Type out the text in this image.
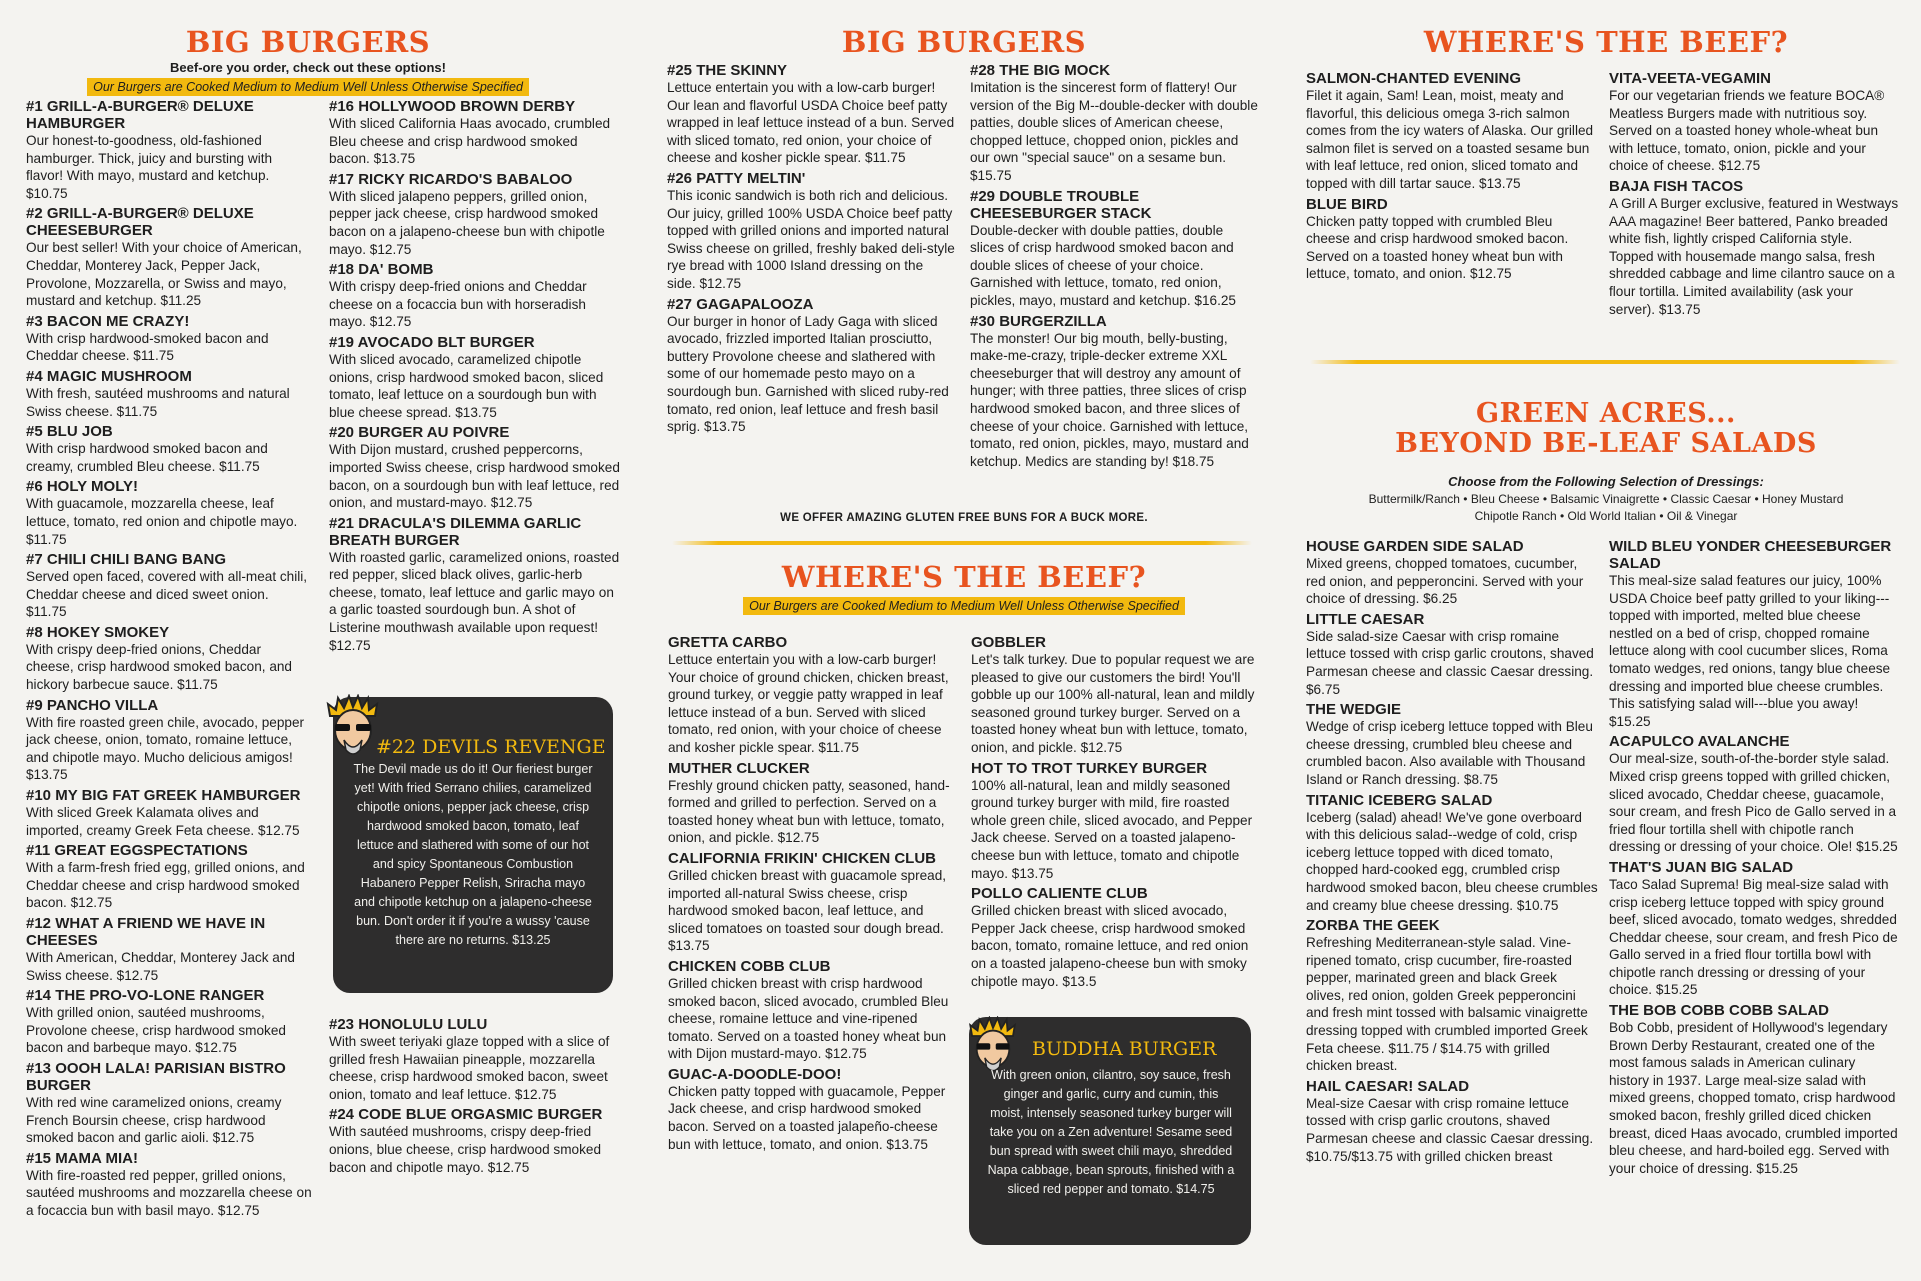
BIG BURGERS
Beef-ore you order, check out these options!
Our Burgers are Cooked Medium to Medium Well Unless Otherwise Specified
#1 GRILL-A-BURGER® DELUXE HAMBURGER
Our honest-to-goodness, old-fashioned hamburger. Thick, juicy and bursting with flavor! With mayo, mustard and ketchup. $10.75
#2 GRILL-A-BURGER® DELUXE CHEESEBURGER
Our best seller! With your choice of American, Cheddar, Monterey Jack, Pepper Jack, Provolone, Mozzarella, or Swiss and mayo, mustard and ketchup. $11.25
#3 BACON ME CRAZY!
With crisp hardwood-smoked bacon and Cheddar cheese. $11.75
#4 MAGIC MUSHROOM
With fresh, sautéed mushrooms and natural Swiss cheese. $11.75
#5 BLU JOB
With crisp hardwood smoked bacon and creamy, crumbled Bleu cheese. $11.75
#6 HOLY MOLY!
With guacamole, mozzarella cheese, leaf lettuce, tomato, red onion and chipotle mayo. $11.75
#7 CHILI CHILI BANG BANG
Served open faced, covered with all-meat chili, Cheddar cheese and diced sweet onion. $11.75
#8 HOKEY SMOKEY
With crispy deep-fried onions, Cheddar cheese, crisp hardwood smoked bacon, and hickory barbecue sauce. $11.75
#9 PANCHO VILLA
With fire roasted green chile, avocado, pepper jack cheese, onion, tomato, romaine lettuce, and chipotle mayo. Mucho delicious amigos! $13.75
#10 MY BIG FAT GREEK HAMBURGER
With sliced Greek Kalamata olives and imported, creamy Greek Feta cheese. $12.75
#11 GREAT EGGSPECTATIONS
With a farm-fresh fried egg, grilled onions, and Cheddar cheese and crisp hardwood smoked bacon. $12.75
#12 WHAT A FRIEND WE HAVE IN CHEESES
With American, Cheddar, Monterey Jack and Swiss cheese. $12.75
#14 THE PRO-VO-LONE RANGER
With grilled onion, sautéed mushrooms, Provolone cheese, crisp hardwood smoked bacon and barbeque mayo. $12.75
#13 OOOH LALA! PARISIAN BISTRO BURGER
With red wine caramelized onions, creamy French Boursin cheese, crisp hardwood smoked bacon and garlic aioli. $12.75
#15 MAMA MIA!
With fire-roasted red pepper, grilled onions, sautéed mushrooms and mozzarella cheese on a focaccia bun with basil mayo. $12.75
#16 HOLLYWOOD BROWN DERBY
With sliced California Haas avocado, crumbled Bleu cheese and crisp hardwood smoked bacon. $13.75
#17 RICKY RICARDO'S BABALOO
With sliced jalapeno peppers, grilled onion, pepper jack cheese, crisp hardwood smoked bacon on a jalapeno-cheese bun with chipotle mayo. $12.75
#18 DA' BOMB
With crispy deep-fried onions and Cheddar cheese on a focaccia bun with horseradish mayo. $12.75
#19 AVOCADO BLT BURGER
With sliced avocado, caramelized chipotle onions, crisp hardwood smoked bacon, sliced tomato, leaf lettuce on a sourdough bun with blue cheese spread. $13.75
#20 BURGER AU POIVRE
With Dijon mustard, crushed peppercorns, imported Swiss cheese, crisp hardwood smoked bacon, on a sourdough bun with leaf lettuce, red onion, and mustard-mayo. $12.75
#21 DRACULA'S DILEMMA GARLIC BREATH BURGER
With roasted garlic, caramelized onions, roasted red pepper, sliced black olives, garlic-herb cheese, tomato, leaf lettuce and garlic mayo on a garlic toasted sourdough bun. A shot of Listerine mouthwash available upon request! $12.75
#22 DEVILS REVENGE
The Devil made us do it! Our fieriest burger yet! With fried Serrano chilies, caramelized chipotle onions, pepper jack cheese, crisp hardwood smoked bacon, tomato, leaf lettuce and slathered with some of our hot and spicy Spontaneous Combustion Habanero Pepper Relish, Sriracha mayo and chipotle ketchup on a jalapeno-cheese bun. Don't order it if you're a wussy 'cause there are no returns. $13.25
#23 HONOLULU LULU
With sweet teriyaki glaze topped with a slice of grilled fresh Hawaiian pineapple, mozzarella cheese, crisp hardwood smoked bacon, sweet onion, tomato and leaf lettuce. $12.75
#24 CODE BLUE ORGASMIC BURGER
With sautéed mushrooms, crispy deep-fried onions, blue cheese, crisp hardwood smoked bacon and chipotle mayo. $12.75
BIG BURGERS
#25 THE SKINNY
Lettuce entertain you with a low-carb burger! Our lean and flavorful USDA Choice beef patty wrapped in leaf lettuce instead of a bun. Served with sliced tomato, red onion, your choice of cheese and kosher pickle spear. $11.75
#26 PATTY MELTIN'
This iconic sandwich is both rich and delicious. Our juicy, grilled 100% USDA Choice beef patty topped with grilled onions and imported natural Swiss cheese on grilled, freshly baked deli-style rye bread with 1000 Island dressing on the side. $12.75
#27 GAGAPALOOZA
Our burger in honor of Lady Gaga with sliced avocado, frizzled imported Italian prosciutto, buttery Provolone cheese and slathered with some of our homemade pesto mayo on a sourdough bun. Garnished with sliced ruby-red tomato, red onion, leaf lettuce and fresh basil sprig. $13.75
#28 THE BIG MOCK
Imitation is the sincerest form of flattery! Our version of the Big M--double-decker with double patties, double slices of American cheese, chopped lettuce, chopped onion, pickles and our own "special sauce" on a sesame bun. $15.75
#29 DOUBLE TROUBLE CHEESEBURGER STACK
Double-decker with double patties, double slices of crisp hardwood smoked bacon and double slices of cheese of your choice. Garnished with lettuce, tomato, red onion, pickles, mayo, mustard and ketchup. $16.25
#30 BURGERZILLA
The monster! Our big mouth, belly-busting, make-me-crazy, triple-decker extreme XXL cheeseburger that will destroy any amount of hunger; with three patties, three slices of crisp hardwood smoked bacon, and three slices of cheese of your choice. Garnished with lettuce, tomato, red onion, pickles, mayo, mustard and ketchup. Medics are standing by! $18.75
WE OFFER AMAZING GLUTEN FREE BUNS FOR A BUCK MORE.
WHERE'S THE BEEF?
Our Burgers are Cooked Medium to Medium Well Unless Otherwise Specified
GRETTA CARBO
Lettuce entertain you with a low-carb burger! Your choice of ground chicken, chicken breast, ground turkey, or veggie patty wrapped in leaf lettuce instead of a bun. Served with sliced tomato, red onion, with your choice of cheese and kosher pickle spear. $11.75
MUTHER CLUCKER
Freshly ground chicken patty, seasoned, hand-formed and grilled to perfection. Served on a toasted honey wheat bun with lettuce, tomato, onion, and pickle. $12.75
CALIFORNIA FRIKIN' CHICKEN CLUB
Grilled chicken breast with guacamole spread, imported all-natural Swiss cheese, crisp hardwood smoked bacon, leaf lettuce, and sliced tomatoes on toasted sour dough bread. $13.75
CHICKEN COBB CLUB
Grilled chicken breast with crisp hardwood smoked bacon, sliced avocado, crumbled Bleu cheese, romaine lettuce and vine-ripened tomato. Served on a toasted honey wheat bun with Dijon mustard-mayo. $12.75
GUAC-A-DOODLE-DOO!
Chicken patty topped with guacamole, Pepper Jack cheese, and crisp hardwood smoked bacon. Served on a toasted jalapeño-cheese bun with lettuce, tomato, and onion. $13.75
GOBBLER
Let's talk turkey. Due to popular request we are pleased to give our customers the bird! You'll gobble up our 100% all-natural, lean and mildly seasoned ground turkey burger. Served on a toasted honey wheat bun with lettuce, tomato, onion, and pickle. $12.75
HOT TO TROT TURKEY BURGER
100% all-natural, lean and mildly seasoned ground turkey burger with mild, fire roasted whole green chile, sliced avocado, and Pepper Jack cheese. Served on a toasted jalapeno-cheese bun with lettuce, tomato and chipotle mayo. $13.75
POLLO CALIENTE CLUB
Grilled chicken breast with sliced avocado, Pepper Jack cheese, crisp hardwood smoked bacon, tomato, romaine lettuce, and red onion on a toasted jalapeno-cheese bun with smoky chipotle mayo. $13.5
BUDDHA BURGER
With green onion, cilantro, soy sauce, fresh ginger and garlic, curry and cumin, this moist, intensely seasoned turkey burger will take you on a Zen adventure! Sesame seed bun spread with sweet chili mayo, shredded Napa cabbage, bean sprouts, finished with a sliced red pepper and tomato. $14.75
WHERE'S THE BEEF?
SALMON-CHANTED EVENING
Filet it again, Sam! Lean, moist, meaty and flavorful, this delicious omega 3-rich salmon comes from the icy waters of Alaska. Our grilled salmon filet is served on a toasted sesame bun with leaf lettuce, red onion, sliced tomato and topped with dill tartar sauce. $13.75
BLUE BIRD
Chicken patty topped with crumbled Bleu cheese and crisp hardwood smoked bacon. Served on a toasted honey wheat bun with lettuce, tomato, and onion. $12.75
VITA-VEETA-VEGAMIN
For our vegetarian friends we feature BOCA® Meatless Burgers made with nutritious soy. Served on a toasted honey whole-wheat bun with lettuce, tomato, onion, pickle and your choice of cheese. $12.75
BAJA FISH TACOS
A Grill A Burger exclusive, featured in Westways AAA magazine! Beer battered, Panko breaded white fish, lightly crisped California style. Topped with housemade mango salsa, fresh shredded cabbage and lime cilantro sauce on a flour tortilla. Limited availability (ask your server). $13.75
GREEN ACRES...
BEYOND BE-LEAF SALADS
Choose from the Following Selection of Dressings:
Buttermilk/Ranch • Bleu Cheese • Balsamic Vinaigrette • Classic Caesar • Honey Mustard
Chipotle Ranch • Old World Italian • Oil & Vinegar
HOUSE GARDEN SIDE SALAD
Mixed greens, chopped tomatoes, cucumber, red onion, and pepperoncini. Served with your choice of dressing. $6.25
LITTLE CAESAR
Side salad-size Caesar with crisp romaine lettuce tossed with crisp garlic croutons, shaved Parmesan cheese and classic Caesar dressing. $6.75
THE WEDGIE
Wedge of crisp iceberg lettuce topped with Bleu cheese dressing, crumbled bleu cheese and crumbled bacon. Also available with Thousand Island or Ranch dressing. $8.75
TITANIC ICEBERG SALAD
Iceberg (salad) ahead! We've gone overboard with this delicious salad--wedge of cold, crisp iceberg lettuce topped with diced tomato, chopped hard-cooked egg, crumbled crisp hardwood smoked bacon, bleu cheese crumbles and creamy blue cheese dressing. $10.75
ZORBA THE GEEK
Refreshing Mediterranean-style salad. Vine-ripened tomato, crisp cucumber, fire-roasted pepper, marinated green and black Greek olives, red onion, golden Greek pepperoncini and fresh mint tossed with balsamic vinaigrette dressing topped with crumbled imported Greek Feta cheese. $11.75 / $14.75 with grilled chicken breast.
HAIL CAESAR! SALAD
Meal-size Caesar with crisp romaine lettuce tossed with crisp garlic croutons, shaved Parmesan cheese and classic Caesar dressing. $10.75/$13.75 with grilled chicken breast
WILD BLEU YONDER CHEESEBURGER SALAD
This meal-size salad features our juicy, 100% USDA Choice beef patty grilled to your liking---topped with imported, melted blue cheese nestled on a bed of crisp, chopped romaine lettuce along with cool cucumber slices, Roma tomato wedges, red onions, tangy blue cheese dressing and imported blue cheese crumbles. This satisfying salad will---blue you away! $15.25
ACAPULCO AVALANCHE
Our meal-size, south-of-the-border style salad. Mixed crisp greens topped with grilled chicken, sliced avocado, Cheddar cheese, guacamole, sour cream, and fresh Pico de Gallo served in a fried flour tortilla shell with chipotle ranch dressing or dressing of your choice. Ole! $15.25
THAT'S JUAN BIG SALAD
Taco Salad Suprema! Big meal-size salad with crisp iceberg lettuce topped with spicy ground beef, sliced avocado, tomato wedges, shredded Cheddar cheese, sour cream, and fresh Pico de Gallo served in a fried flour tortilla bowl with chipotle ranch dressing or dressing of your choice. $15.25
THE BOB COBB COBB SALAD
Bob Cobb, president of Hollywood's legendary Brown Derby Restaurant, created one of the most famous salads in American culinary history in 1937. Large meal-size salad with mixed greens, chopped tomato, crisp hardwood smoked bacon, freshly grilled diced chicken breast, diced Haas avocado, crumbled imported bleu cheese, and hard-boiled egg. Served with your choice of dressing. $15.25
